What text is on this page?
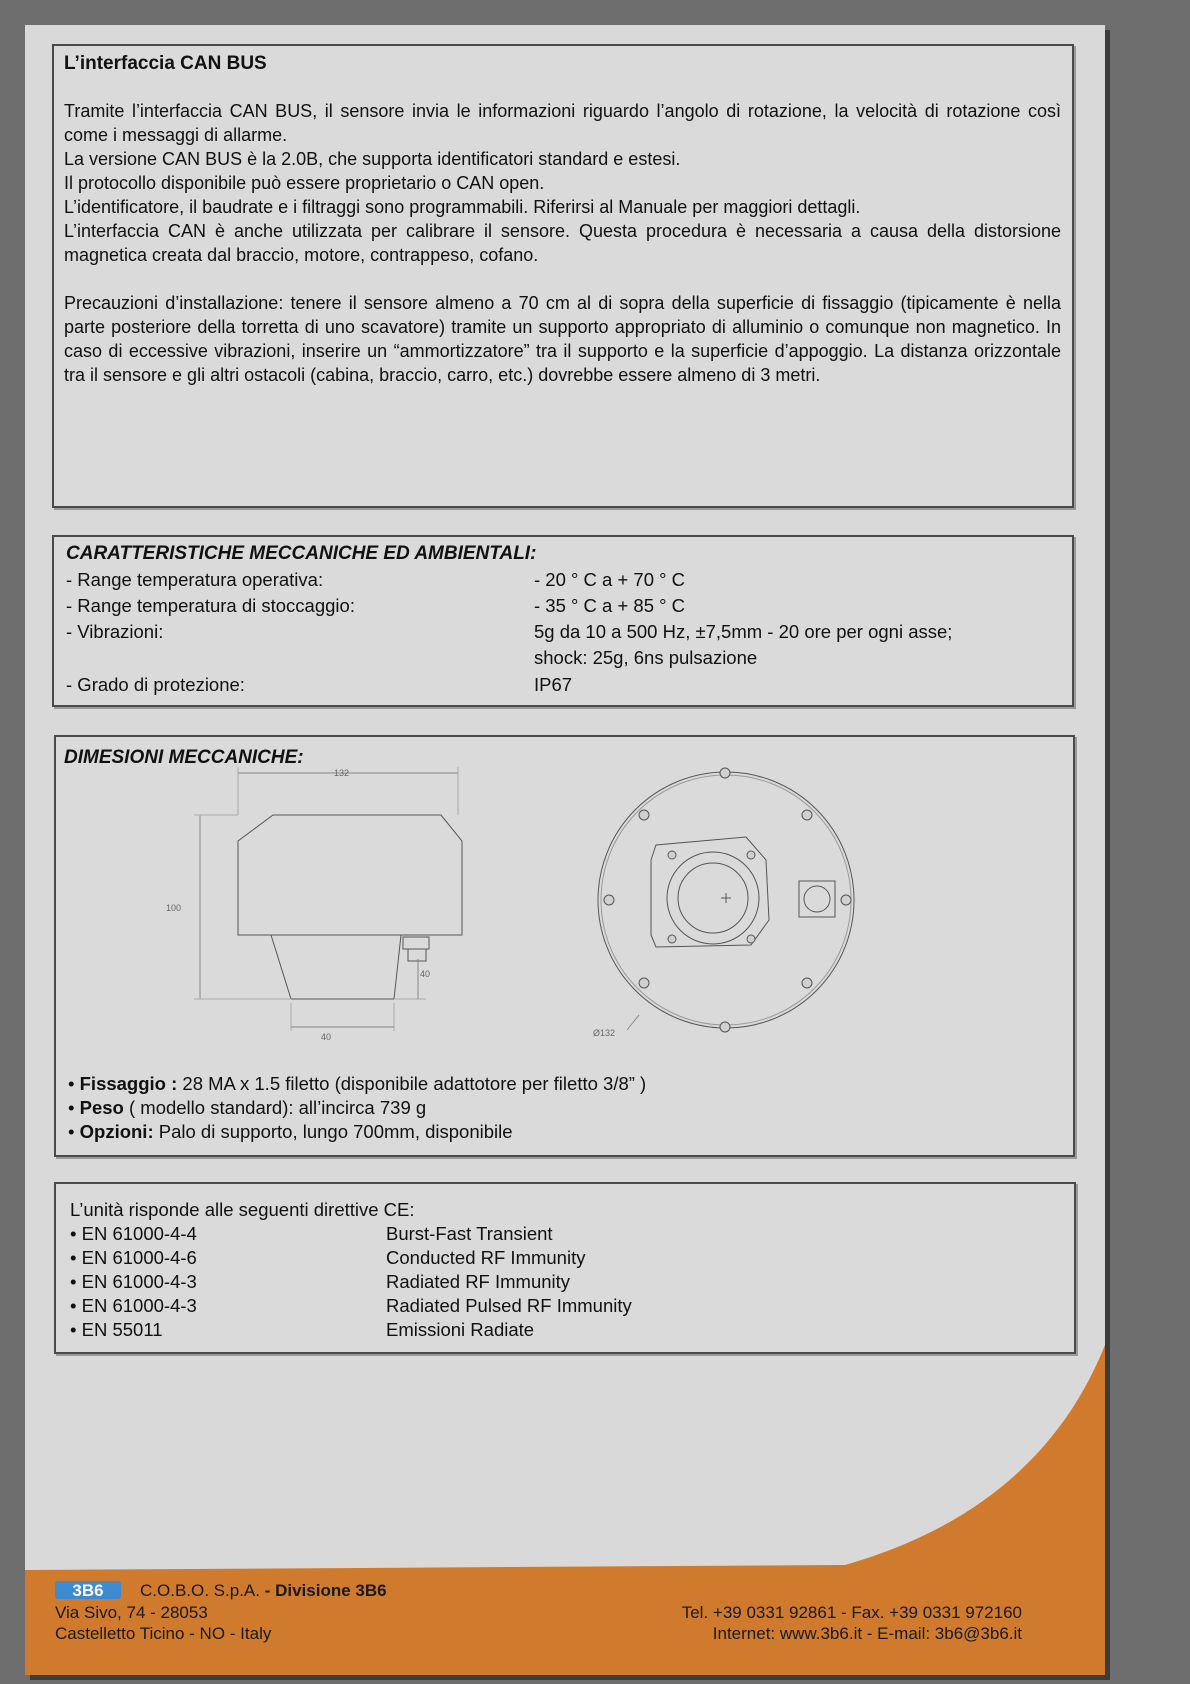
L’interfaccia CAN BUS

Tramite l’interfaccia CAN BUS, il sensore invia le informazioni riguardo l’angolo di rotazione, la velocità di rotazione così come i messaggi di allarme.

La versione CAN BUS è la 2.0B, che supporta identificatori standard e estesi.

Il protocollo disponibile può essere proprietario o CAN open.

L’identificatore, il baudrate e i filtraggi sono programmabili. Riferirsi al Manuale per maggiori dettagli.

L’interfaccia CAN è anche utilizzata per calibrare il sensore. Questa procedura è necessaria a causa della distorsione magnetica creata dal braccio, motore, contrappeso, cofano.

Precauzioni d’installazione: tenere il sensore almeno a 70 cm al di sopra della superficie di fissaggio (tipicamente è nella parte posteriore della torretta di uno scavatore) tramite un supporto appropriato di alluminio o comunque non magnetico. In caso di eccessive vibrazioni, inserire un “ammortizzatore” tra il supporto e la superficie d’appoggio. La distanza orizzontale tra il sensore e gli altri ostacoli (cabina, braccio, carro, etc.) dovrebbe essere almeno di 3 metri.

CARATTERISTICHE MECCANICHE ED AMBIENTALI:
- Range temperatura operativa:	- 20 ° C a + 70 ° C
- Range temperatura di stoccaggio:	- 35 ° C a + 85 ° C
- Vibrazioni:	5g da 10 a 500 Hz, ±7,5mm - 20 ore per ogni asse;
shock: 25g, 6ns pulsazione
- Grado di protezione:	IP67
DIMESIONI MECCANICHE:
132
100
40
40	Ø132
• Fissaggio : 28 MA x 1.5 filetto (disponibile adattotore per filetto 3/8” )
• Peso ( modello standard): all’incirca 739 g
• Opzioni: Palo di supporto, lungo 700mm, disponibile
L’unità risponde alle seguenti direttive CE:
• EN 61000-4-4	Burst-Fast Transient
• EN 61000-4-6	Conducted RF Immunity
• EN 61000-4-3	Radiated RF Immunity
• EN 61000-4-3	Radiated Pulsed RF Immunity
• EN 55011	Emissioni Radiate
3B6 C.O.B.O. S.p.A. - Divisione 3B6
Via Sivo, 74 - 28053
Castelletto Ticino - NO - Italy
Tel. +39 0331 92861 - Fax. +39 0331 972160
Internet: www.3b6.it - E-mail: 3b6@3b6.it
